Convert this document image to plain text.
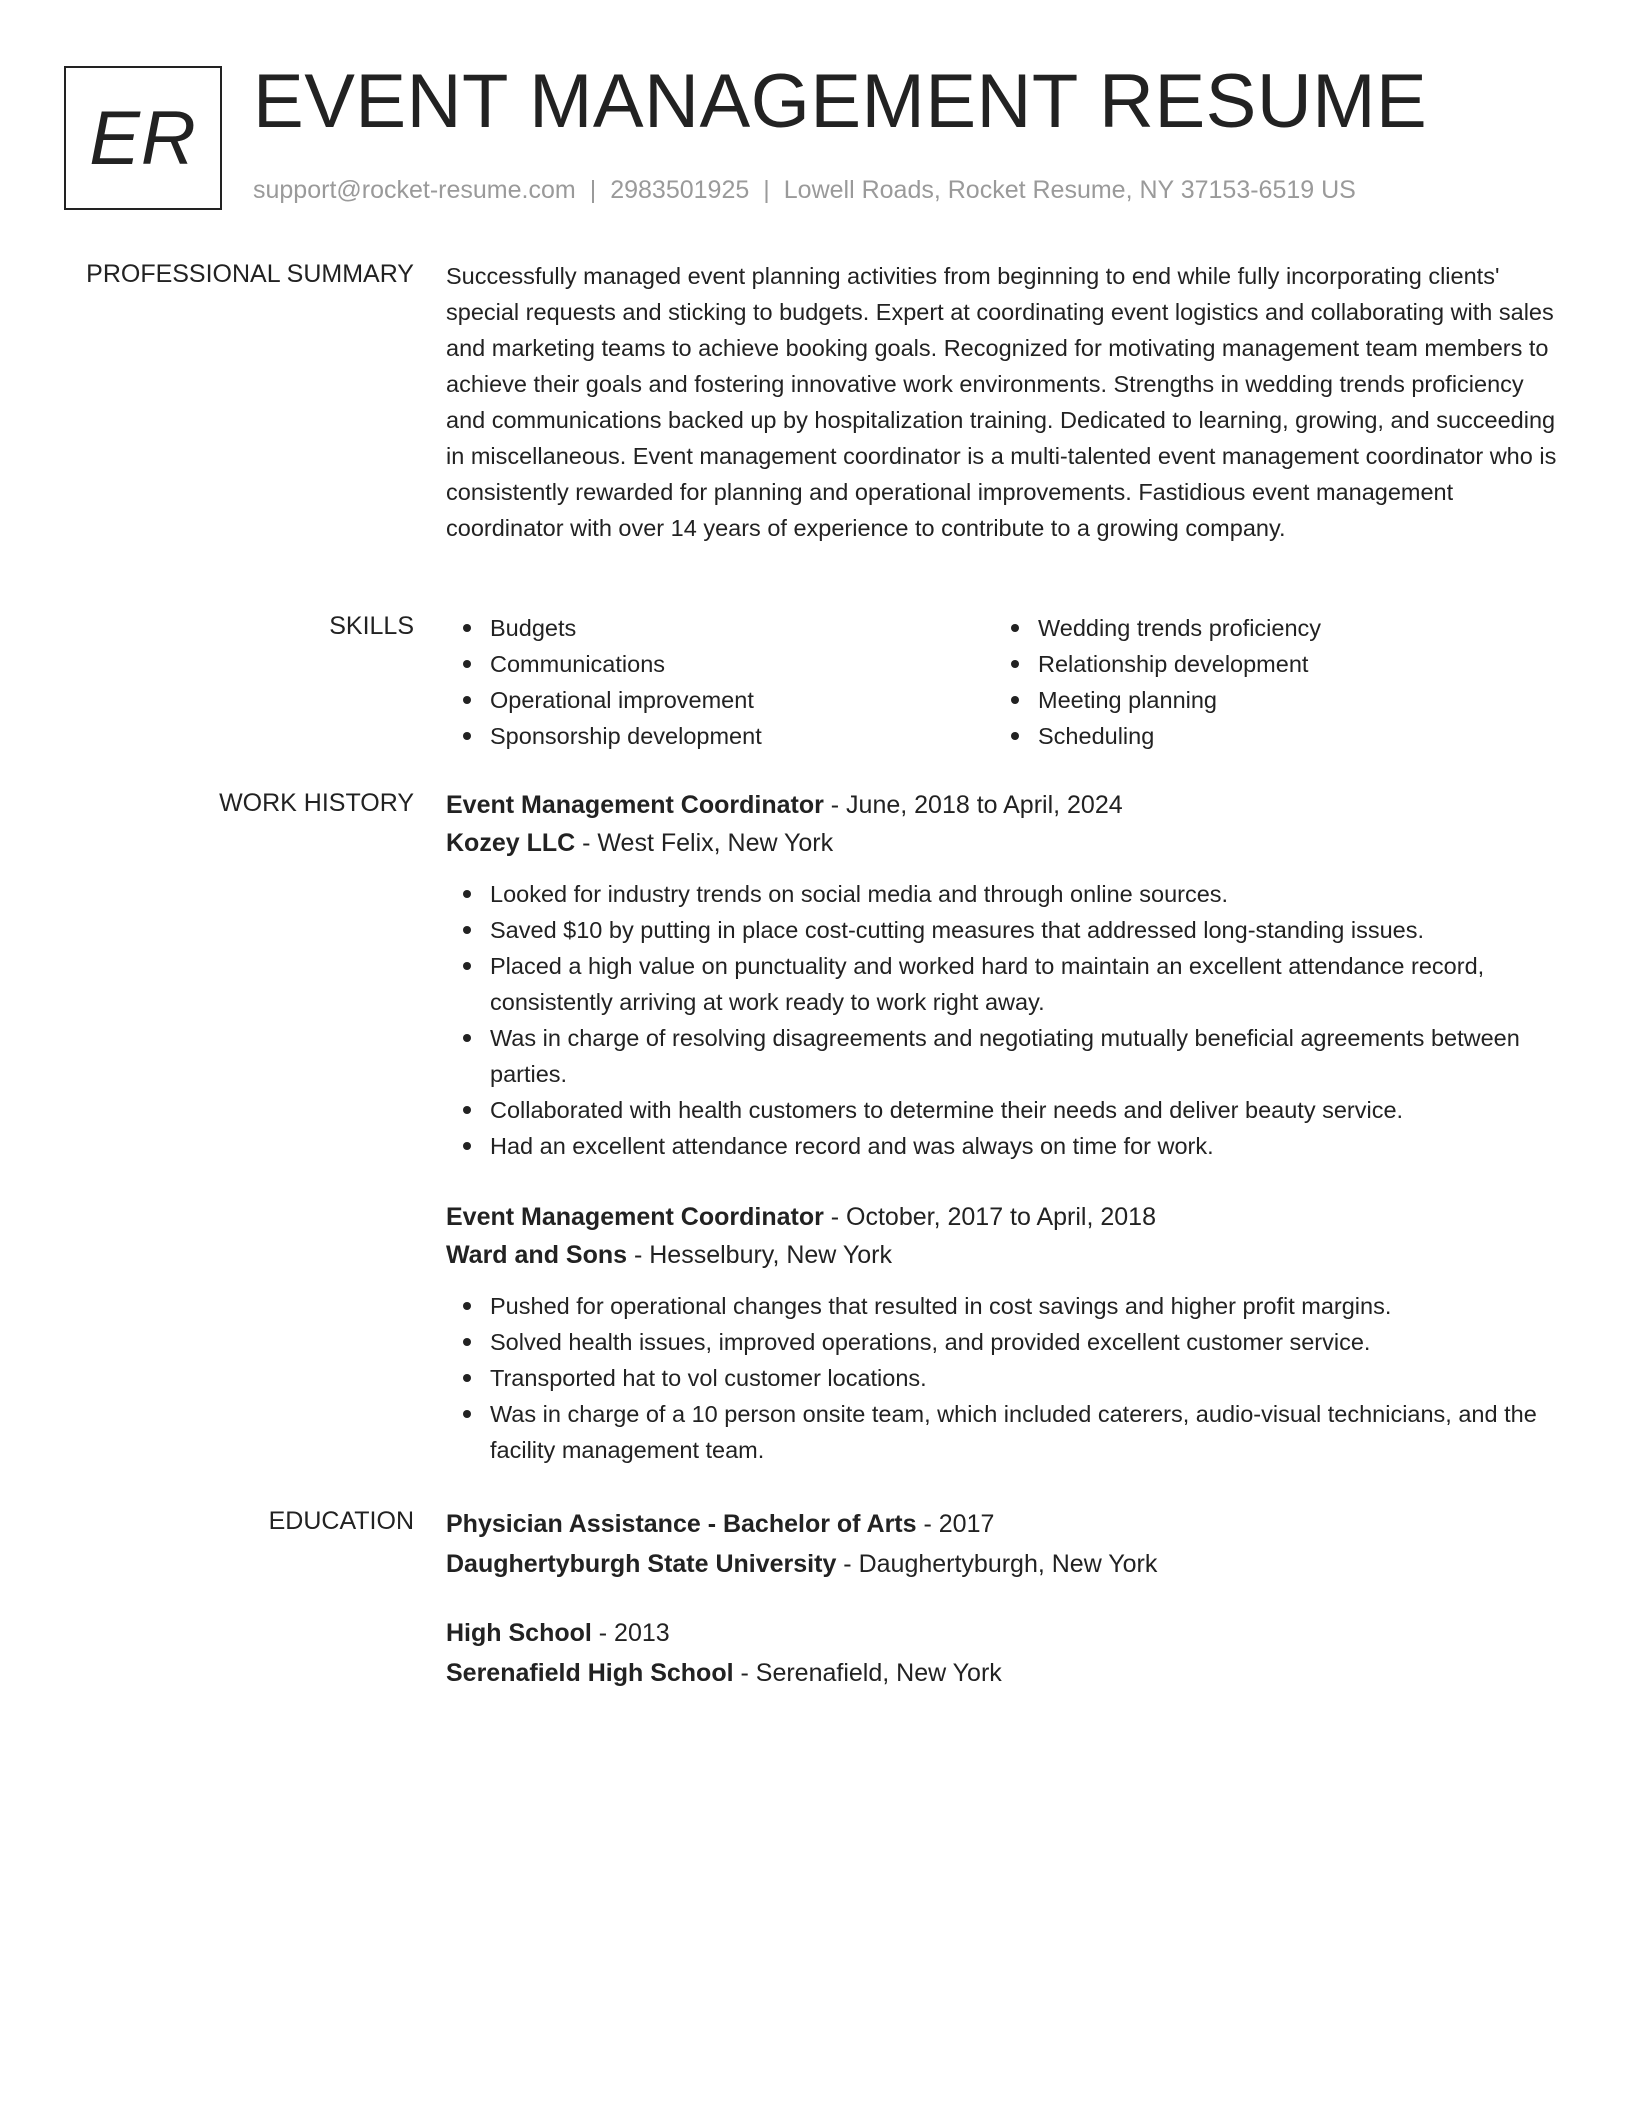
ER EVENT MANAGEMENT RESUME
support@rocket-resume.com | 2983501925 | Lowell Roads, Rocket Resume, NY 37153-6519 US
PROFESSIONAL SUMMARY Successfully managed event planning activities from beginning to end while fully incorporating clients' special requests and sticking to budgets. Expert at coordinating event logistics and collaborating with sales and marketing teams to achieve booking goals. Recognized for motivating management team members to achieve their goals and fostering innovative work environments. Strengths in wedding trends proficiency and communications backed up by hospitalization training. Dedicated to learning, growing, and succeeding in miscellaneous. Event management coordinator is a multi-talented event management coordinator who is consistently rewarded for planning and operational improvements. Fastidious event management coordinator with over 14 years of experience to contribute to a growing company.

SKILLS	Budgets
Communications
Operational improvement
Sponsorship development
Wedding trends proficiency
Relationship development
Meeting planning
Scheduling
WORK HISTORY Event Management Coordinator - June, 2018 to April, 2024
Kozey LLC - West Felix, New York
Looked for industry trends on social media and through online sources.
Saved $10 by putting in place cost-cutting measures that addressed long-standing issues.
Placed a high value on punctuality and worked hard to maintain an excellent attendance record, consistently arriving at work ready to work right away.
Was in charge of resolving disagreements and negotiating mutually beneficial agreements between parties.
Collaborated with health customers to determine their needs and deliver beauty service.
Had an excellent attendance record and was always on time for work.
Event Management Coordinator - October, 2017 to April, 2018
Ward and Sons - Hesselbury, New York
Pushed for operational changes that resulted in cost savings and higher profit margins.
Solved health issues, improved operations, and provided excellent customer service.
Transported hat to vol customer locations.
Was in charge of a 10 person onsite team, which included caterers, audio-visual technicians, and the facility management team.
EDUCATION Physician Assistance - Bachelor of Arts - 2017
Daughertyburgh State University - Daughertyburgh, New York
High School - 2013
Serenafield High School - Serenafield, New York
